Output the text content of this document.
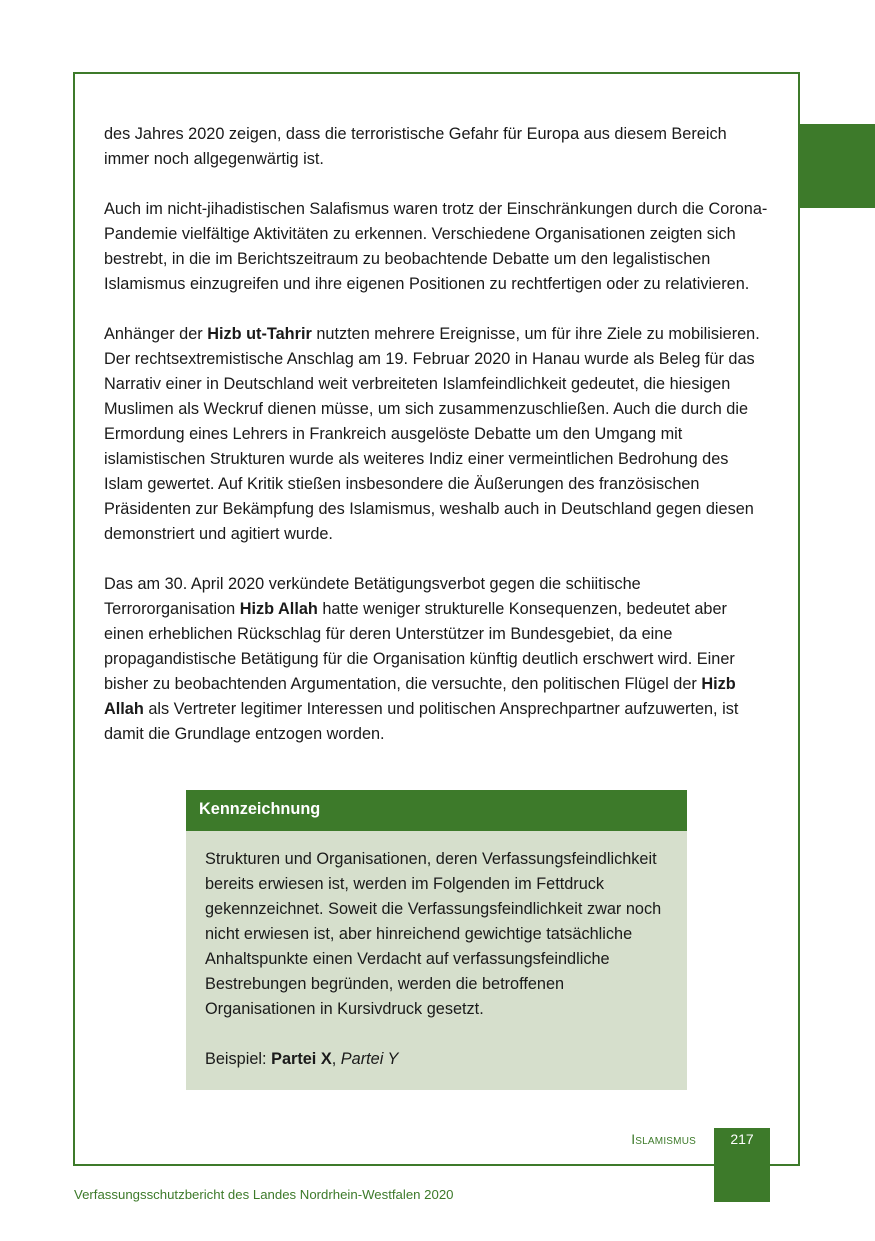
des Jahres 2020 zeigen, dass die terroristische Gefahr für Europa aus diesem Bereich immer noch allgegenwärtig ist.

Auch im nicht-jihadistischen Salafismus waren trotz der Einschränkungen durch die Corona-Pandemie vielfältige Aktivitäten zu erkennen. Verschiedene Organisationen zeigten sich bestrebt, in die im Berichtszeitraum zu beobachtende Debatte um den legalistischen Islamismus einzugreifen und ihre eigenen Positionen zu rechtfertigen oder zu relativieren.

Anhänger der Hizb ut-Tahrir nutzten mehrere Ereignisse, um für ihre Ziele zu mobilisieren. Der rechtsextremistische Anschlag am 19. Februar 2020 in Hanau wurde als Beleg für das Narrativ einer in Deutschland weit verbreiteten Islamfeindlichkeit gedeutet, die hiesigen Muslimen als Weckruf dienen müsse, um sich zusammenzuschließen. Auch die durch die Ermordung eines Lehrers in Frankreich ausgelöste Debatte um den Umgang mit islamistischen Strukturen wurde als weiteres Indiz einer vermeintlichen Bedrohung des Islam gewertet. Auf Kritik stießen insbesondere die Äußerungen des französischen Präsidenten zur Bekämpfung des Islamismus, weshalb auch in Deutschland gegen diesen demonstriert und agitiert wurde.

Das am 30. April 2020 verkündete Betätigungsverbot gegen die schiitische Terrororganisation Hizb Allah hatte weniger strukturelle Konsequenzen, bedeutet aber einen erheblichen Rückschlag für deren Unterstützer im Bundesgebiet, da eine propagandistische Betätigung für die Organisation künftig deutlich erschwert wird. Einer bisher zu beobachtenden Argumentation, die versuchte, den politischen Flügel der Hizb Allah als Vertreter legitimer Interessen und politischen Ansprechpartner aufzuwerten, ist damit die Grundlage entzogen worden.

Kennzeichnung

Strukturen und Organisationen, deren Verfassungsfeindlichkeit bereits erwiesen ist, werden im Folgenden im Fettdruck gekennzeichnet. Soweit die Verfassungsfeindlichkeit zwar noch nicht erwiesen ist, aber hinreichend gewichtige tatsächliche Anhaltspunkte einen Verdacht auf verfassungsfeindliche Bestrebungen begründen, werden die betroffenen Organisationen in Kursivdruck gesetzt.

Beispiel: Partei X, Partei Y

Islamismus	217
Verfassungsschutzbericht des Landes Nordrhein-Westfalen 2020
